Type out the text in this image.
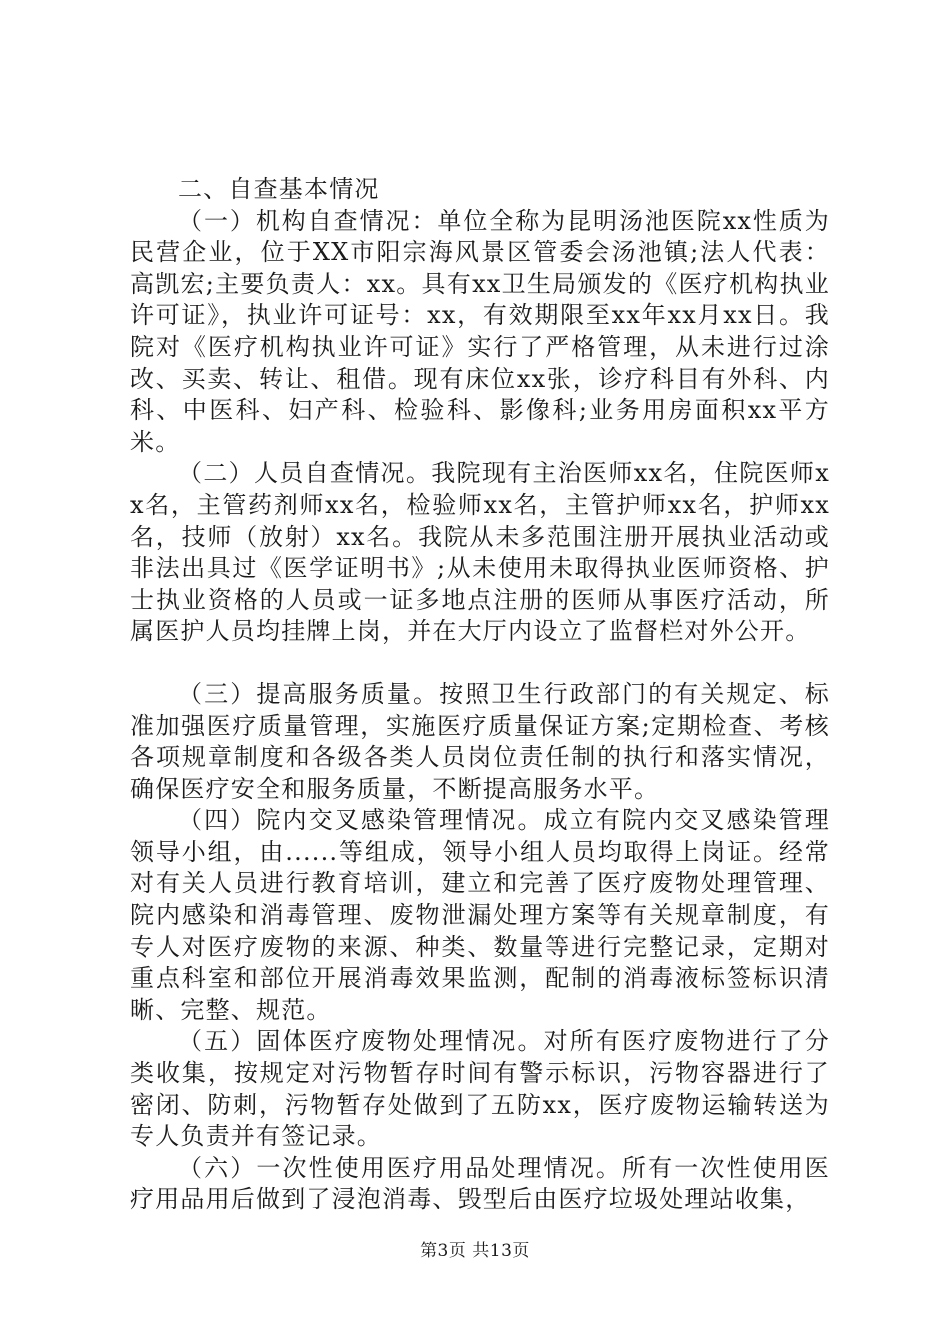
二、自查基本情况

（一）机构自查情况：单位全称为昆明汤池医院xx性质为民营企业，位于XX市阳宗海风景区管委会汤池镇;法人代表：高凯宏;主要负责人：xx。具有xx卫生局颁发的《医疗机构执业许可证》，执业许可证号：xx，有效期限至xx年xx月xx日。我院对《医疗机构执业许可证》实行了严格管理，从未进行过涂改、买卖、转让、租借。现有床位xx张，诊疗科目有外科、内科、中医科、妇产科、检验科、影像科;业务用房面积xx平方米。

（二）人员自查情况。我院现有主治医师xx名，住院医师xx名，主管药剂师xx名，检验师xx名，主管护师xx名，护师xx名，技师（放射）xx名。我院从未多范围注册开展执业活动或非法出具过《医学证明书》;从未使用未取得执业医师资格、护士执业资格的人员或一证多地点注册的医师从事医疗活动，所属医护人员均挂牌上岗，并在大厅内设立了监督栏对外公开。

（三）提高服务质量。按照卫生行政部门的有关规定、标准加强医疗质量管理，实施医疗质量保证方案;定期检查、考核各项规章制度和各级各类人员岗位责任制的执行和落实情况，确保医疗安全和服务质量，不断提高服务水平。

（四）院内交叉感染管理情况。成立有院内交叉感染管理领导小组，由......等组成，领导小组人员均取得上岗证。经常对有关人员进行教育培训，建立和完善了医疗废物处理管理、院内感染和消毒管理、废物泄漏处理方案等有关规章制度，有专人对医疗废物的来源、种类、数量等进行完整记录，定期对重点科室和部位开展消毒效果监测，配制的消毒液标签标识清晰、完整、规范。

（五）固体医疗废物处理情况。对所有医疗废物进行了分类收集，按规定对污物暂存时间有警示标识，污物容器进行了密闭、防刺，污物暂存处做到了五防xx，医疗废物运输转送为专人负责并有签记录。

（六）一次性使用医疗用品处理情况。所有一次性使用医疗用品用后做到了浸泡消毒、毁型后由医疗垃圾处理站收集，

第3页 共13页
